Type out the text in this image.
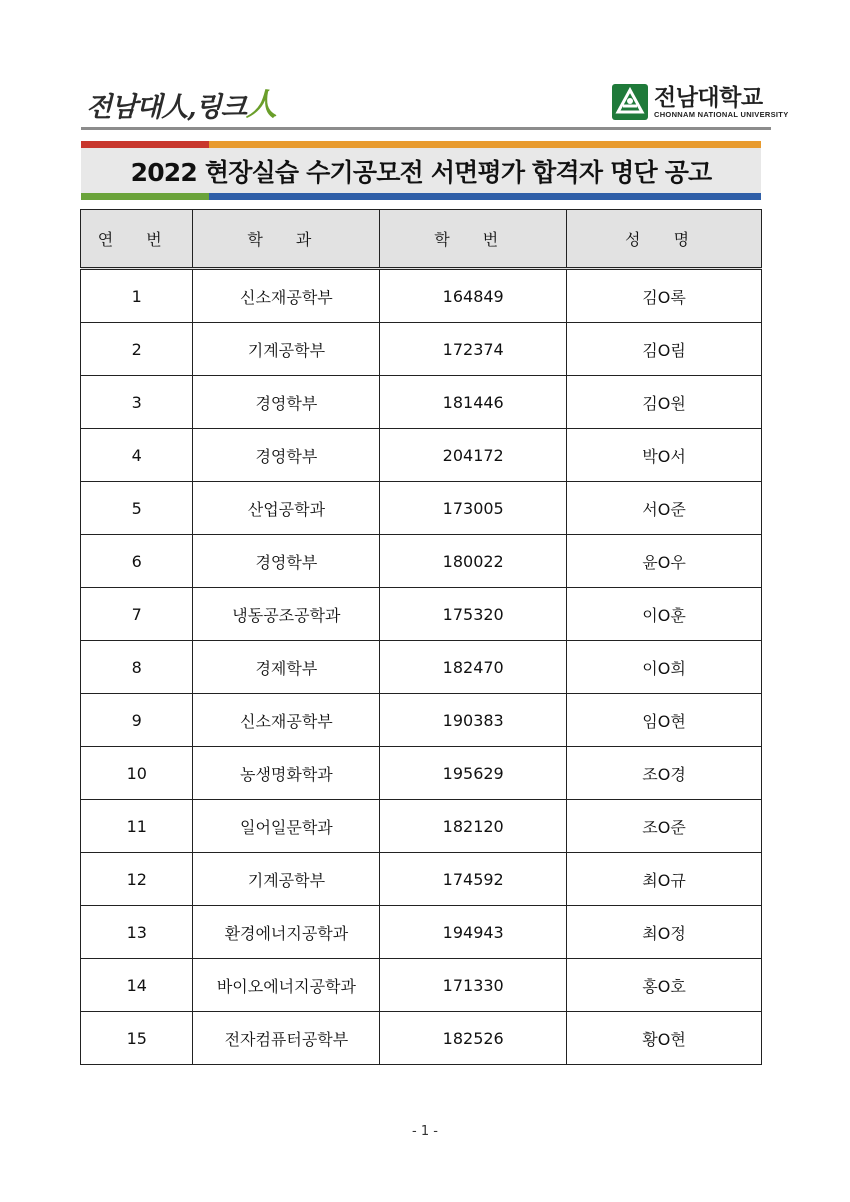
전남대人,링크 人	전남대학교
CHONNAM NATIONAL UNIVERSITY
2022 현장실습 수기공모전 서면평가 합격자 명단 공고
연 번	학 과	학 번	성 명
1	신소재공학부	164849	김O록
2	기계공학부	172374	김O림
3	경영학부	181446	김O원
4	경영학부	204172	박O서
5	산업공학과	173005	서O준
6	경영학부	180022	윤O우
7	냉동공조공학과	175320	이O훈
8	경제학부	182470	이O희
9	신소재공학부	190383	임O현
10	농생명화학과	195629	조O경
11	일어일문학과	182120	조O준
12	기계공학부	174592	최O규
13	환경에너지공학과	194943	최O정
14	바이오에너지공학과	171330	홍O호
15	전자컴퓨터공학부	182526	황O현
- 1 -
